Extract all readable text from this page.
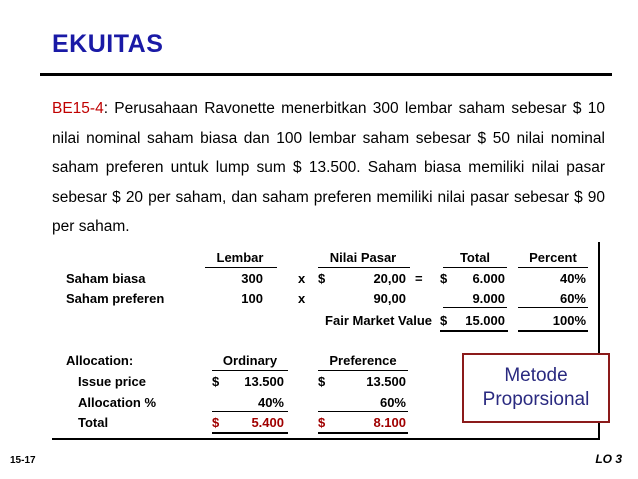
EKUITAS
BE15-4: Perusahaan Ravonette menerbitkan 300 lembar saham sebesar $ 10 nilai nominal saham biasa dan 100 lembar saham sebesar $ 50 nilai nominal saham preferen untuk lump sum $ 13.500. Saham biasa memiliki nilai pasar sebesar $ 20 per saham, dan saham preferen memiliki nilai pasar sebesar $ 90 per saham.
Lembar	Nilai Pasar	Total	Percent
Saham biasa	300	x $	20,00 = $	6.000	40%
Saham preferen	100	x	90,00	9.000	60%
Fair Market Value $	15.000	100%
Allocation:	Ordinary	Preference
Issue price	$	13.500	$	13.500
Allocation %	40%	60%
Total	$	5.400	$	8.100
Metode
Proporsional
15-17	LO 3
